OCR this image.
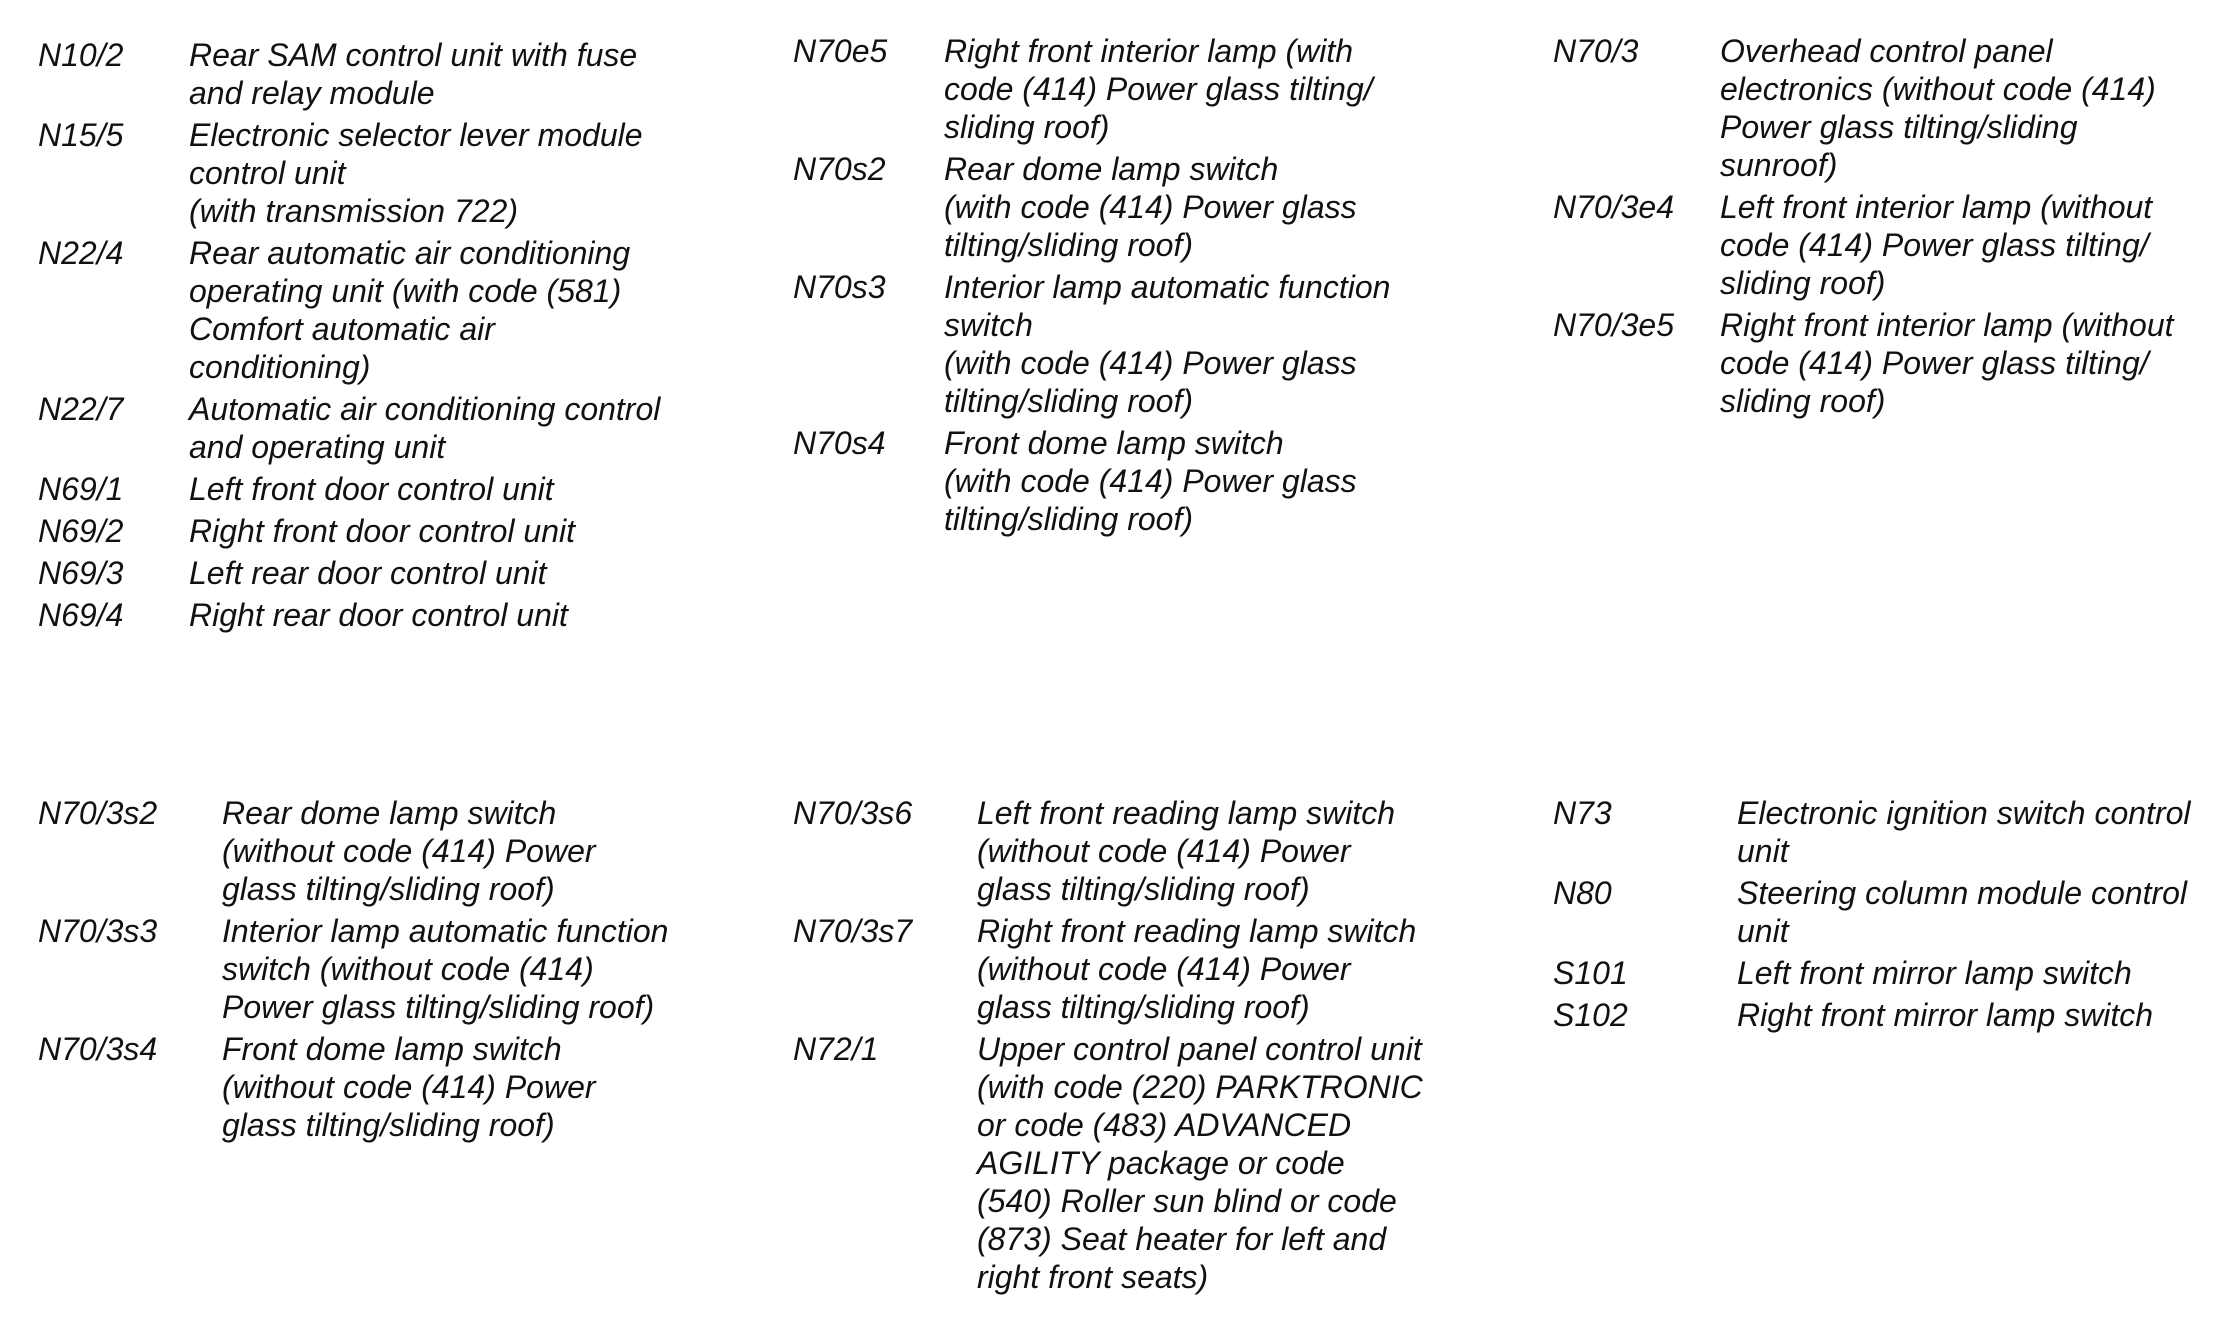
N10/2	Rear SAM control unit with fuse
and relay module
N15/5	Electronic selector lever module
control unit
(with transmission 722)
N22/4	Rear automatic air conditioning
operating unit (with code (581)
Comfort automatic air
conditioning)
N22/7	Automatic air conditioning control
and operating unit
N69/1	Left front door control unit
N69/2	Right front door control unit
N69/3	Left rear door control unit
N69/4	Right rear door control unit
N70e5	Right front interior lamp (with
code (414) Power glass tilting/
sliding roof)
N70s2	Rear dome lamp switch
(with code (414) Power glass
tilting/sliding roof)
N70s3	Interior lamp automatic function
switch
(with code (414) Power glass
tilting/sliding roof)
N70s4	Front dome lamp switch
(with code (414) Power glass
tilting/sliding roof)
N70/3	Overhead control panel
electronics (without code (414)
Power glass tilting/sliding
sunroof)
N70/3e4	Left front interior lamp (without
code (414) Power glass tilting/
sliding roof)
N70/3e5	Right front interior lamp (without
code (414) Power glass tilting/
sliding roof)
N70/3s2	Rear dome lamp switch
(without code (414) Power
glass tilting/sliding roof)
N70/3s3	Interior lamp automatic function
switch (without code (414)
Power glass tilting/sliding roof)
N70/3s4	Front dome lamp switch
(without code (414) Power
glass tilting/sliding roof)
N70/3s6	Left front reading lamp switch
(without code (414) Power
glass tilting/sliding roof)
N70/3s7	Right front reading lamp switch
(without code (414) Power
glass tilting/sliding roof)
N72/1	Upper control panel control unit
(with code (220) PARKTRONIC
or code (483) ADVANCED
AGILITY package or code
(540) Roller sun blind or code
(873) Seat heater for left and
right front seats)
N73	Electronic ignition switch control
unit
N80	Steering column module control
unit
S101	Left front mirror lamp switch
S102	Right front mirror lamp switch
